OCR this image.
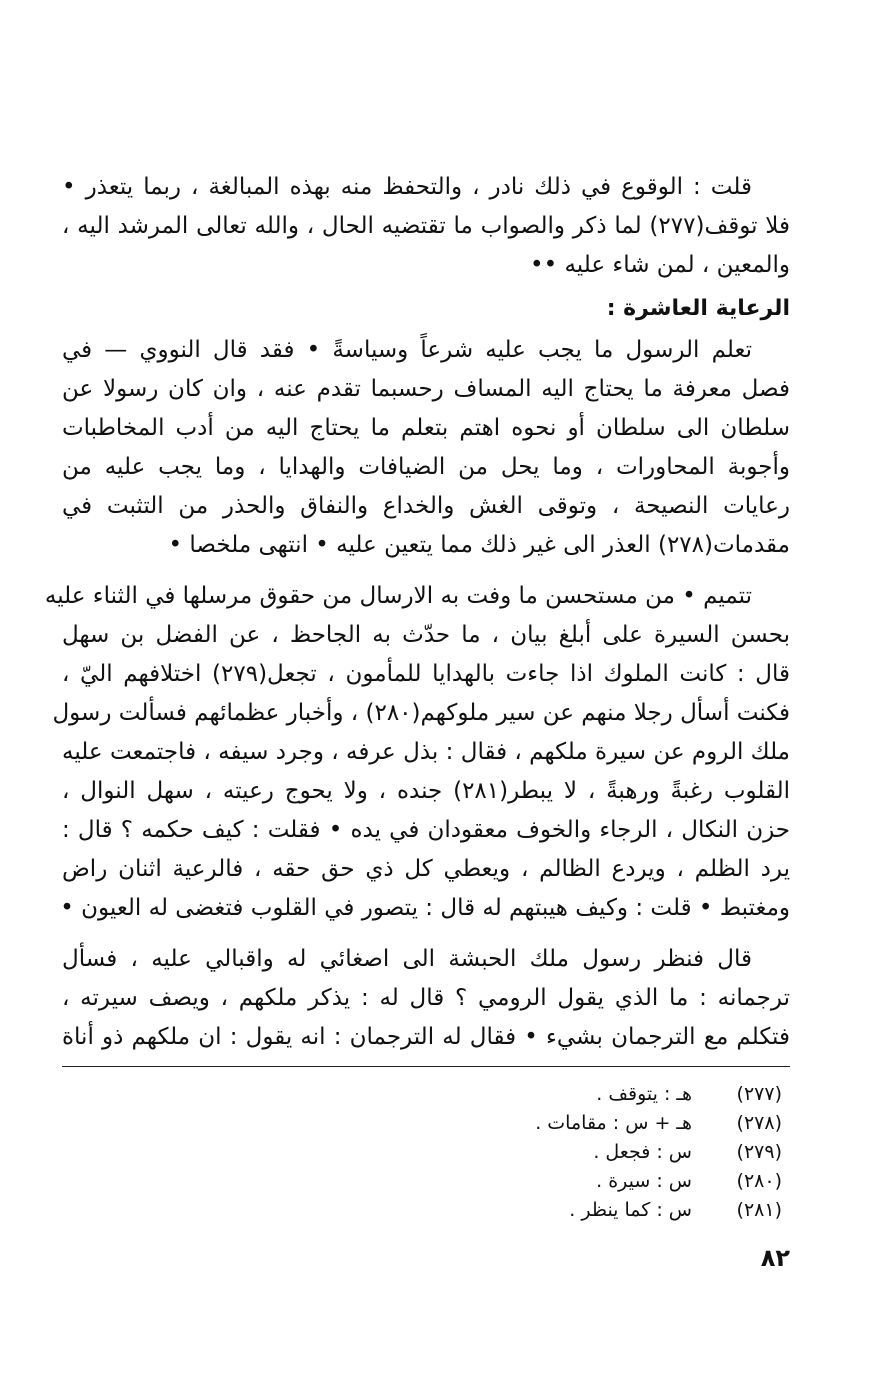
قلت : الوقوع في ذلك نادر ، والتحفظ منه بهذه المبالغة ، ربما يتعذر •
فلا توقف(٢٧٧) لما ذكر والصواب ما تقتضيه الحال ، والله تعالى المرشد اليه ،
والمعين ، لمن شاء عليه ••
الرعاية العاشرة :
تعلم الرسول ما يجب عليه شرعاً وسياسةً • فقد قال النووي — في
فصل معرفة ما يحتاج اليه المساف رحسبما تقدم عنه ، وان كان رسولا عن
سلطان الى سلطان أو نحوه اهتم بتعلم ما يحتاج اليه من أدب المخاطبات
وأجوبة المحاورات ، وما يحل من الضيافات والهدايا ، وما يجب عليه من
رعايات النصيحة ، وتوقى الغش والخداع والنفاق والحذر من التثبت في
مقدمات(٢٧٨) العذر الى غير ذلك مما يتعين عليه • انتهى ملخصا •
تتميم • من مستحسن ما وفت به الارسال من حقوق مرسلها في الثناء عليه
بحسن السيرة على أبلغ بيان ، ما حدّث به الجاحظ ، عن الفضل بن سهل
قال : كانت الملوك اذا جاءت بالهدايا للمأمون ، تجعل(٢٧٩) اختلافهم اليّ ،
فكنت أسأل رجلا منهم عن سير ملوكهم(٢٨٠) ، وأخبار عظمائهم فسألت رسول
ملك الروم عن سيرة ملكهم ، فقال : بذل عرفه ، وجرد سيفه ، فاجتمعت عليه
القلوب رغبةً ورهبةً ، لا يبطر(٢٨١) جنده ، ولا يحوج رعيته ، سهل النوال ،
حزن النكال ، الرجاء والخوف معقودان في يده • فقلت : كيف حكمه ؟ قال :
يرد الظلم ، ويردع الظالم ، ويعطي كل ذي حق حقه ، فالرعية اثنان راض
ومغتبط • قلت : وكيف هيبتهم له قال : يتصور في القلوب فتغضى له العيون •
قال فنظر رسول ملك الحبشة الى اصغائي له واقبالي عليه ، فسأل
ترجمانه : ما الذي يقول الرومي ؟ قال له : يذكر ملكهم ، ويصف سيرته ،
فتكلم مع الترجمان بشيء • فقال له الترجمان : انه يقول : ان ملكهم ذو أناة
(٢٧٧)هـ : يتوقف .
(٢٧٨)هـ + س : مقامات .
(٢٧٩)س : فجعل .
(٢٨٠)س : سيرة .
(٢٨١)س : كما ينظر .
٨٢
